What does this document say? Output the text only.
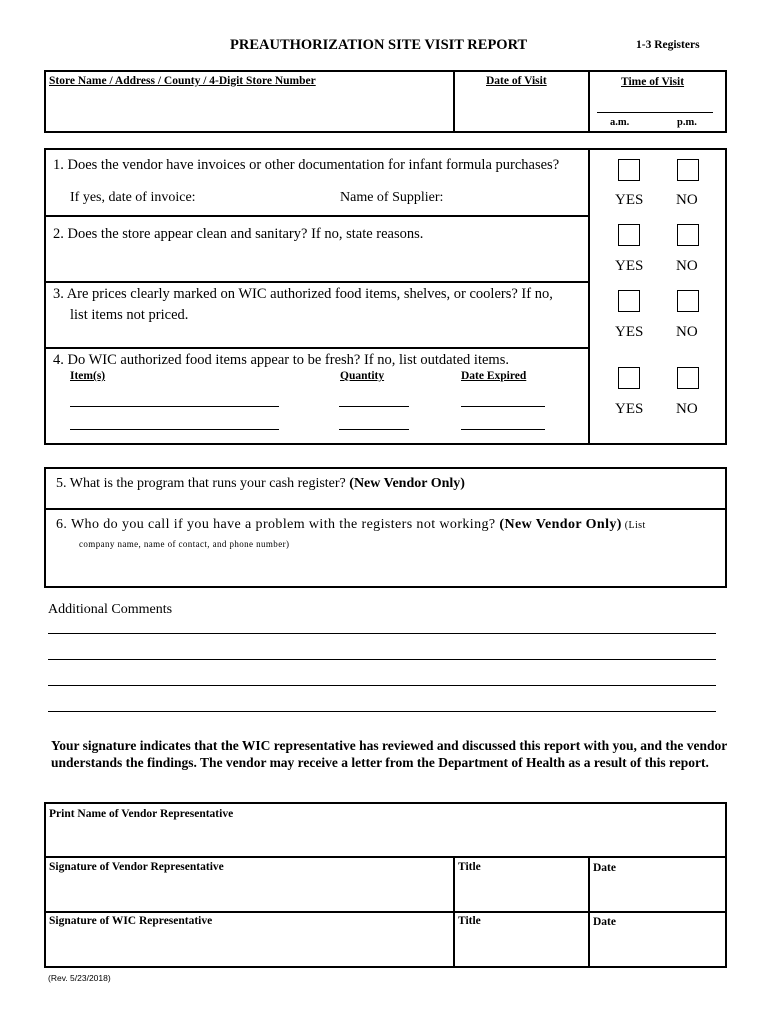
PREAUTHORIZATION SITE VISIT REPORT	1-3 Registers
Store Name / Address / County / 4-Digit Store Number	Date of Visit	Time of Visit
a.m.	p.m.
1. Does the vendor have invoices or other documentation for infant formula purchases?
If yes, date of invoice:	Name of Supplier:	YES NO
2. Does the store appear clean and sanitary? If no, state reasons.
YES NO
3. Are prices clearly marked on WIC authorized food items, shelves, or coolers? If no,
list items not priced.
YES NO
4. Do WIC authorized food items appear to be fresh? If no, list outdated items.
Item(s)	Quantity	Date Expired
YES NO
5. What is the program that runs your cash register? (New Vendor Only)
6. Who do you call if you have a problem with the registers not working? (New Vendor Only) (List
company name, name of contact, and phone number)
Additional Comments
Your signature indicates that the WIC representative has reviewed and discussed this report with you, and the vendor understands the findings. The vendor may receive a letter from the Department of Health as a result of this report.
Print Name of Vendor Representative
Signature of Vendor Representative	Title	Date
Signature of WIC Representative	Title	Date
(Rev. 5/23/2018)
